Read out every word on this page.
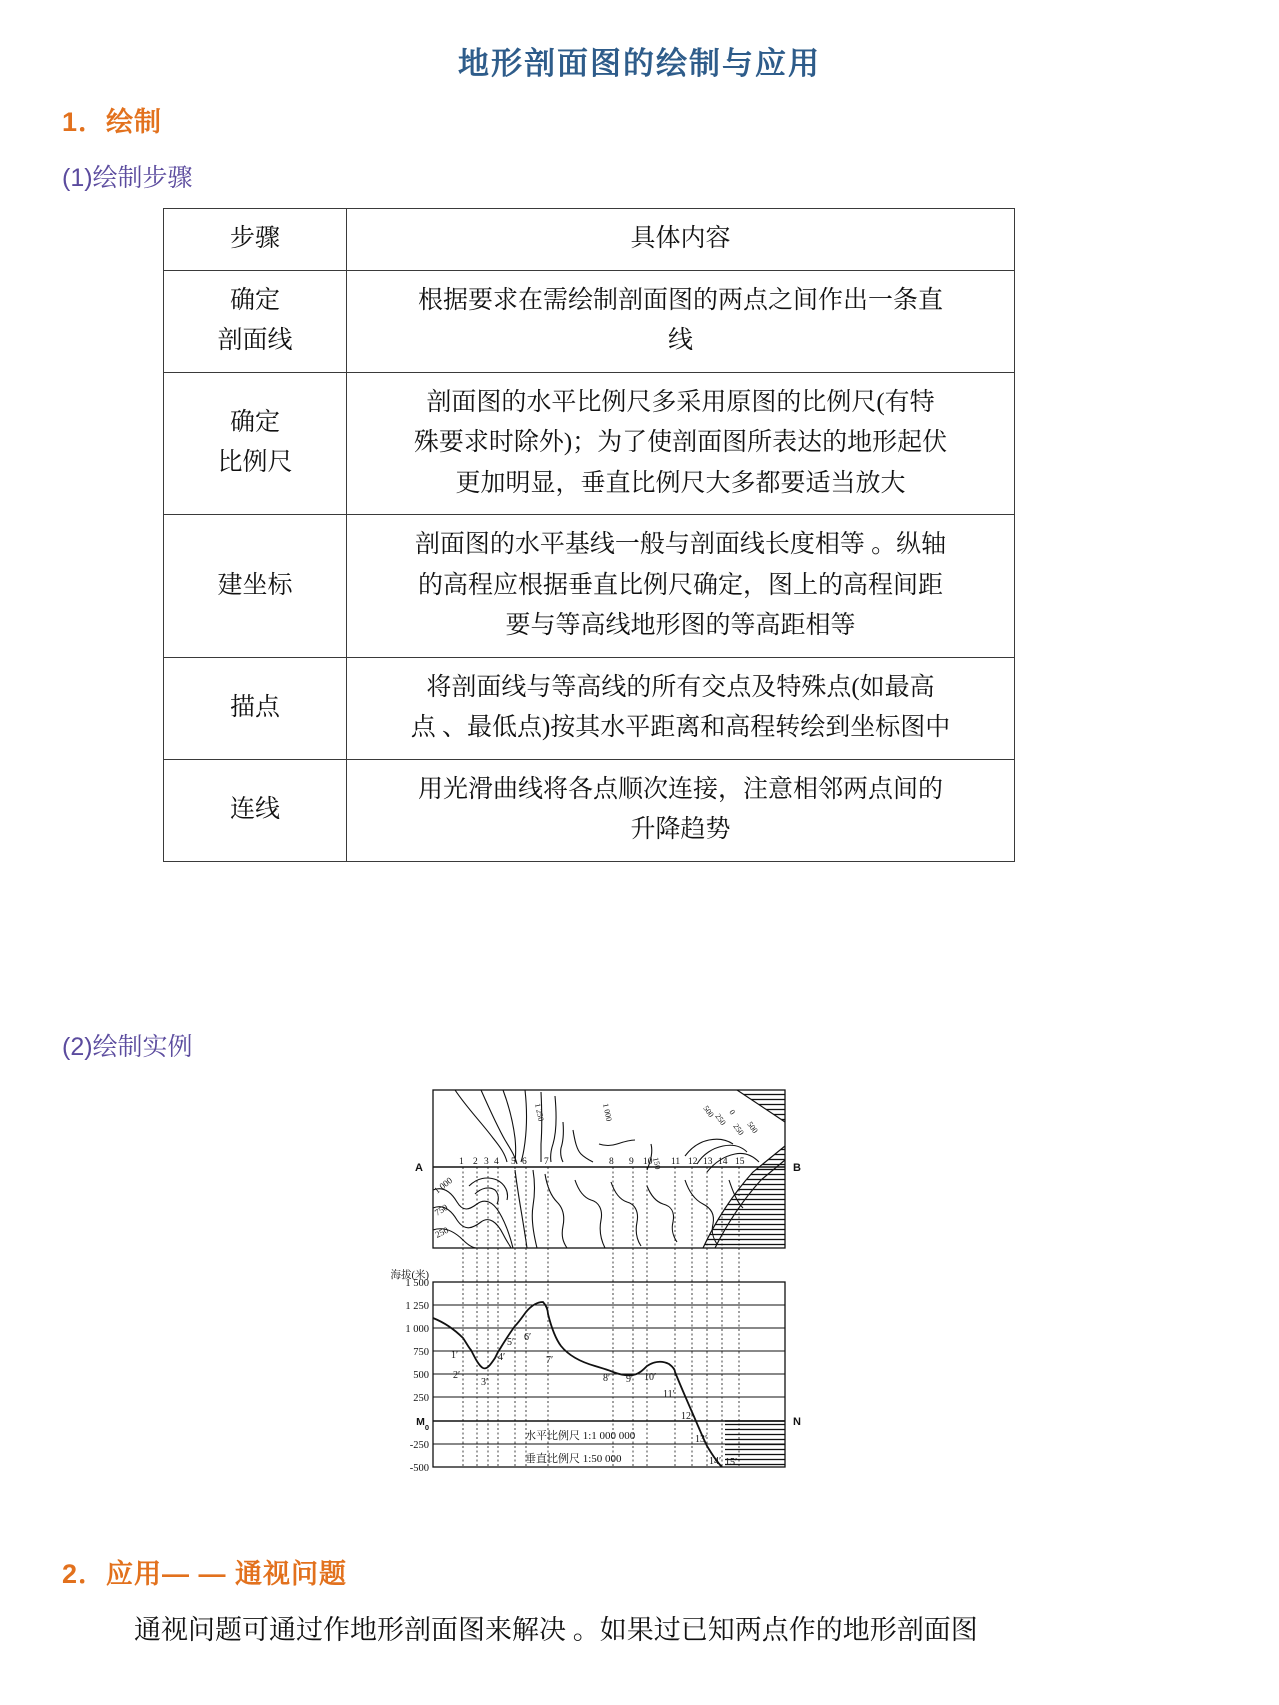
地形剖面图的绘制与应用
1．绘制
(1)绘制步骤
步骤	具体内容

确定
剖面线	根据要求在需绘制剖面图的两点之间作出一条直
线

确定
比例尺	剖面图的水平比例尺多采用原图的比例尺(有特
殊要求时除外)；为了使剖面图所表达的地形起伏
更加明显，垂直比例尺大多都要适当放大

建坐标	剖面图的水平基线一般与剖面线长度相等 。纵轴
的高程应根据垂直比例尺确定，图上的高程间距
要与等高线地形图的等高距相等

描点	将剖面线与等高线的所有交点及特殊点(如最高
点 、最低点)按其水平距离和高程转绘到坐标图中

连线	用光滑曲线将各点顺次连接，注意相邻两点间的
升降趋势
(2)绘制实例
1 250	1 000	500
250 0
250 500
150
A	B
1 000
750
250
1 2 3 4 5 6 7	8 9 10 11 12 13 14 15
海拔(米)
1 500
1 250
1 000
750
500
250
$M_0$
-250
-500
N
1′
2′
3′
4′
5′ 6′
7′
8′ 9′ 10′
11′
12′
13′
14′ 15′
水平比例尺 1:1 000 000
垂直比例尺 1:50 000
2．应用— — 通视问题
通视问题可通过作地形剖面图来解决 。如果过已知两点作的地形剖面图
